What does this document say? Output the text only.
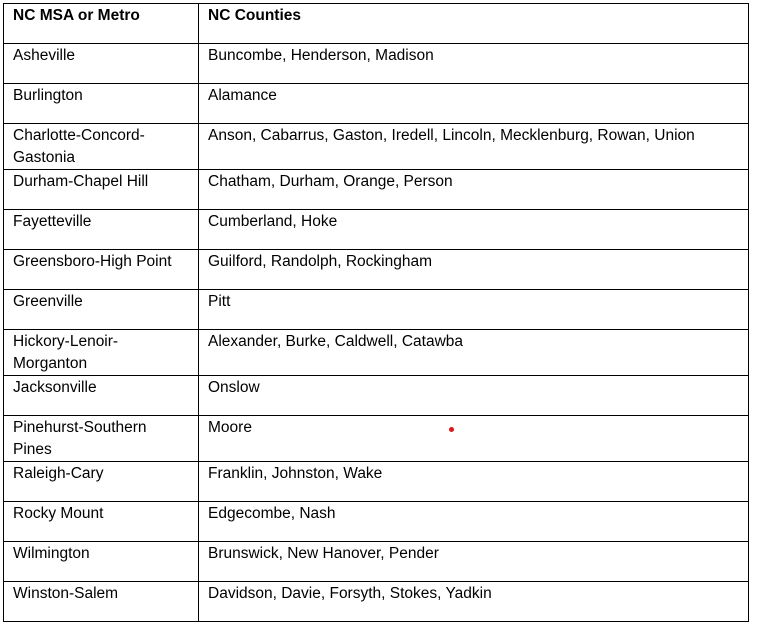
NC MSA or Metro	NC Counties
Asheville	Buncombe, Henderson, Madison
Burlington	Alamance
Charlotte-Concord-Gastonia	Anson, Cabarrus, Gaston, Iredell, Lincoln, Mecklenburg, Rowan, Union
Durham-Chapel Hill	Chatham, Durham, Orange, Person
Fayetteville	Cumberland, Hoke
Greensboro-High Point	Guilford, Randolph, Rockingham
Greenville	Pitt
Hickory-Lenoir-Morganton	Alexander, Burke, Caldwell, Catawba
Jacksonville	Onslow
Pinehurst-Southern Pines	Moore
Raleigh-Cary	Franklin, Johnston, Wake
Rocky Mount	Edgecombe, Nash
Wilmington	Brunswick, New Hanover, Pender
Winston-Salem	Davidson, Davie, Forsyth, Stokes, Yadkin
